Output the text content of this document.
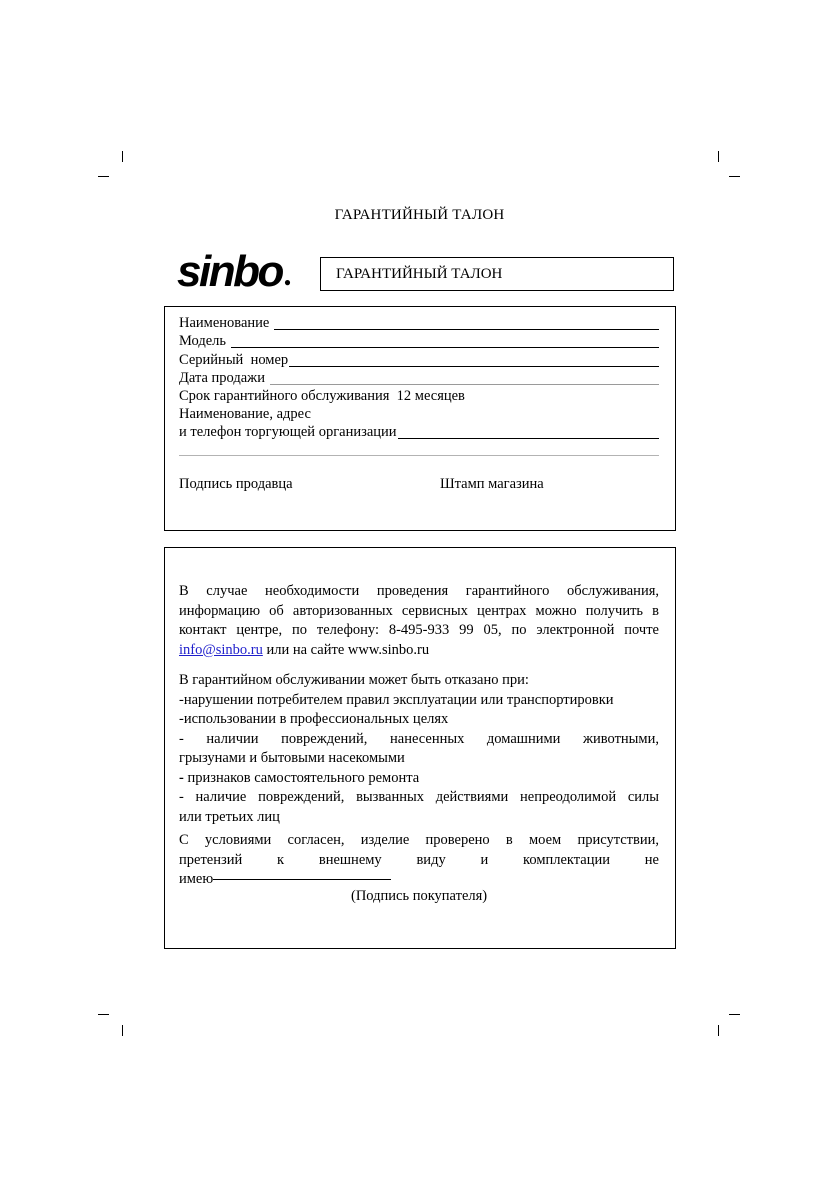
ГАРАНТИЙНЫЙ ТАЛОН
sinbo ●	ГАРАНТИЙНЫЙ ТАЛОН
Наименование
Модель
Серийный  номер
Дата продажи
Срок гарантийного обслуживания  12 месяцев
Наименование, адрес
и телефон торгующей организации
Подпись продавца	Штамп магазина
В случае необходимости проведения гарантийного обслуживания,
информацию об авторизованных сервисных центрах можно получить в
контакт центре, по телефону: 8-495-933 99 05, по электронной почте
info@sinbo.ru или на сайте www.sinbo.ru
В гарантийном обслуживании может быть отказано при:
-нарушении потребителем правил эксплуатации или транспортировки
-использовании в профессиональных целях
- наличии повреждений, нанесенных домашними животными,
грызунами и бытовыми насекомыми
- признаков самостоятельного ремонта
- наличие повреждений, вызванных действиями непреодолимой силы
или третьих лиц
С условиями согласен, изделие проверено в моем присутствии,
претензий к внешнему виду и комплектации не
имею
(Подпись покупателя)
